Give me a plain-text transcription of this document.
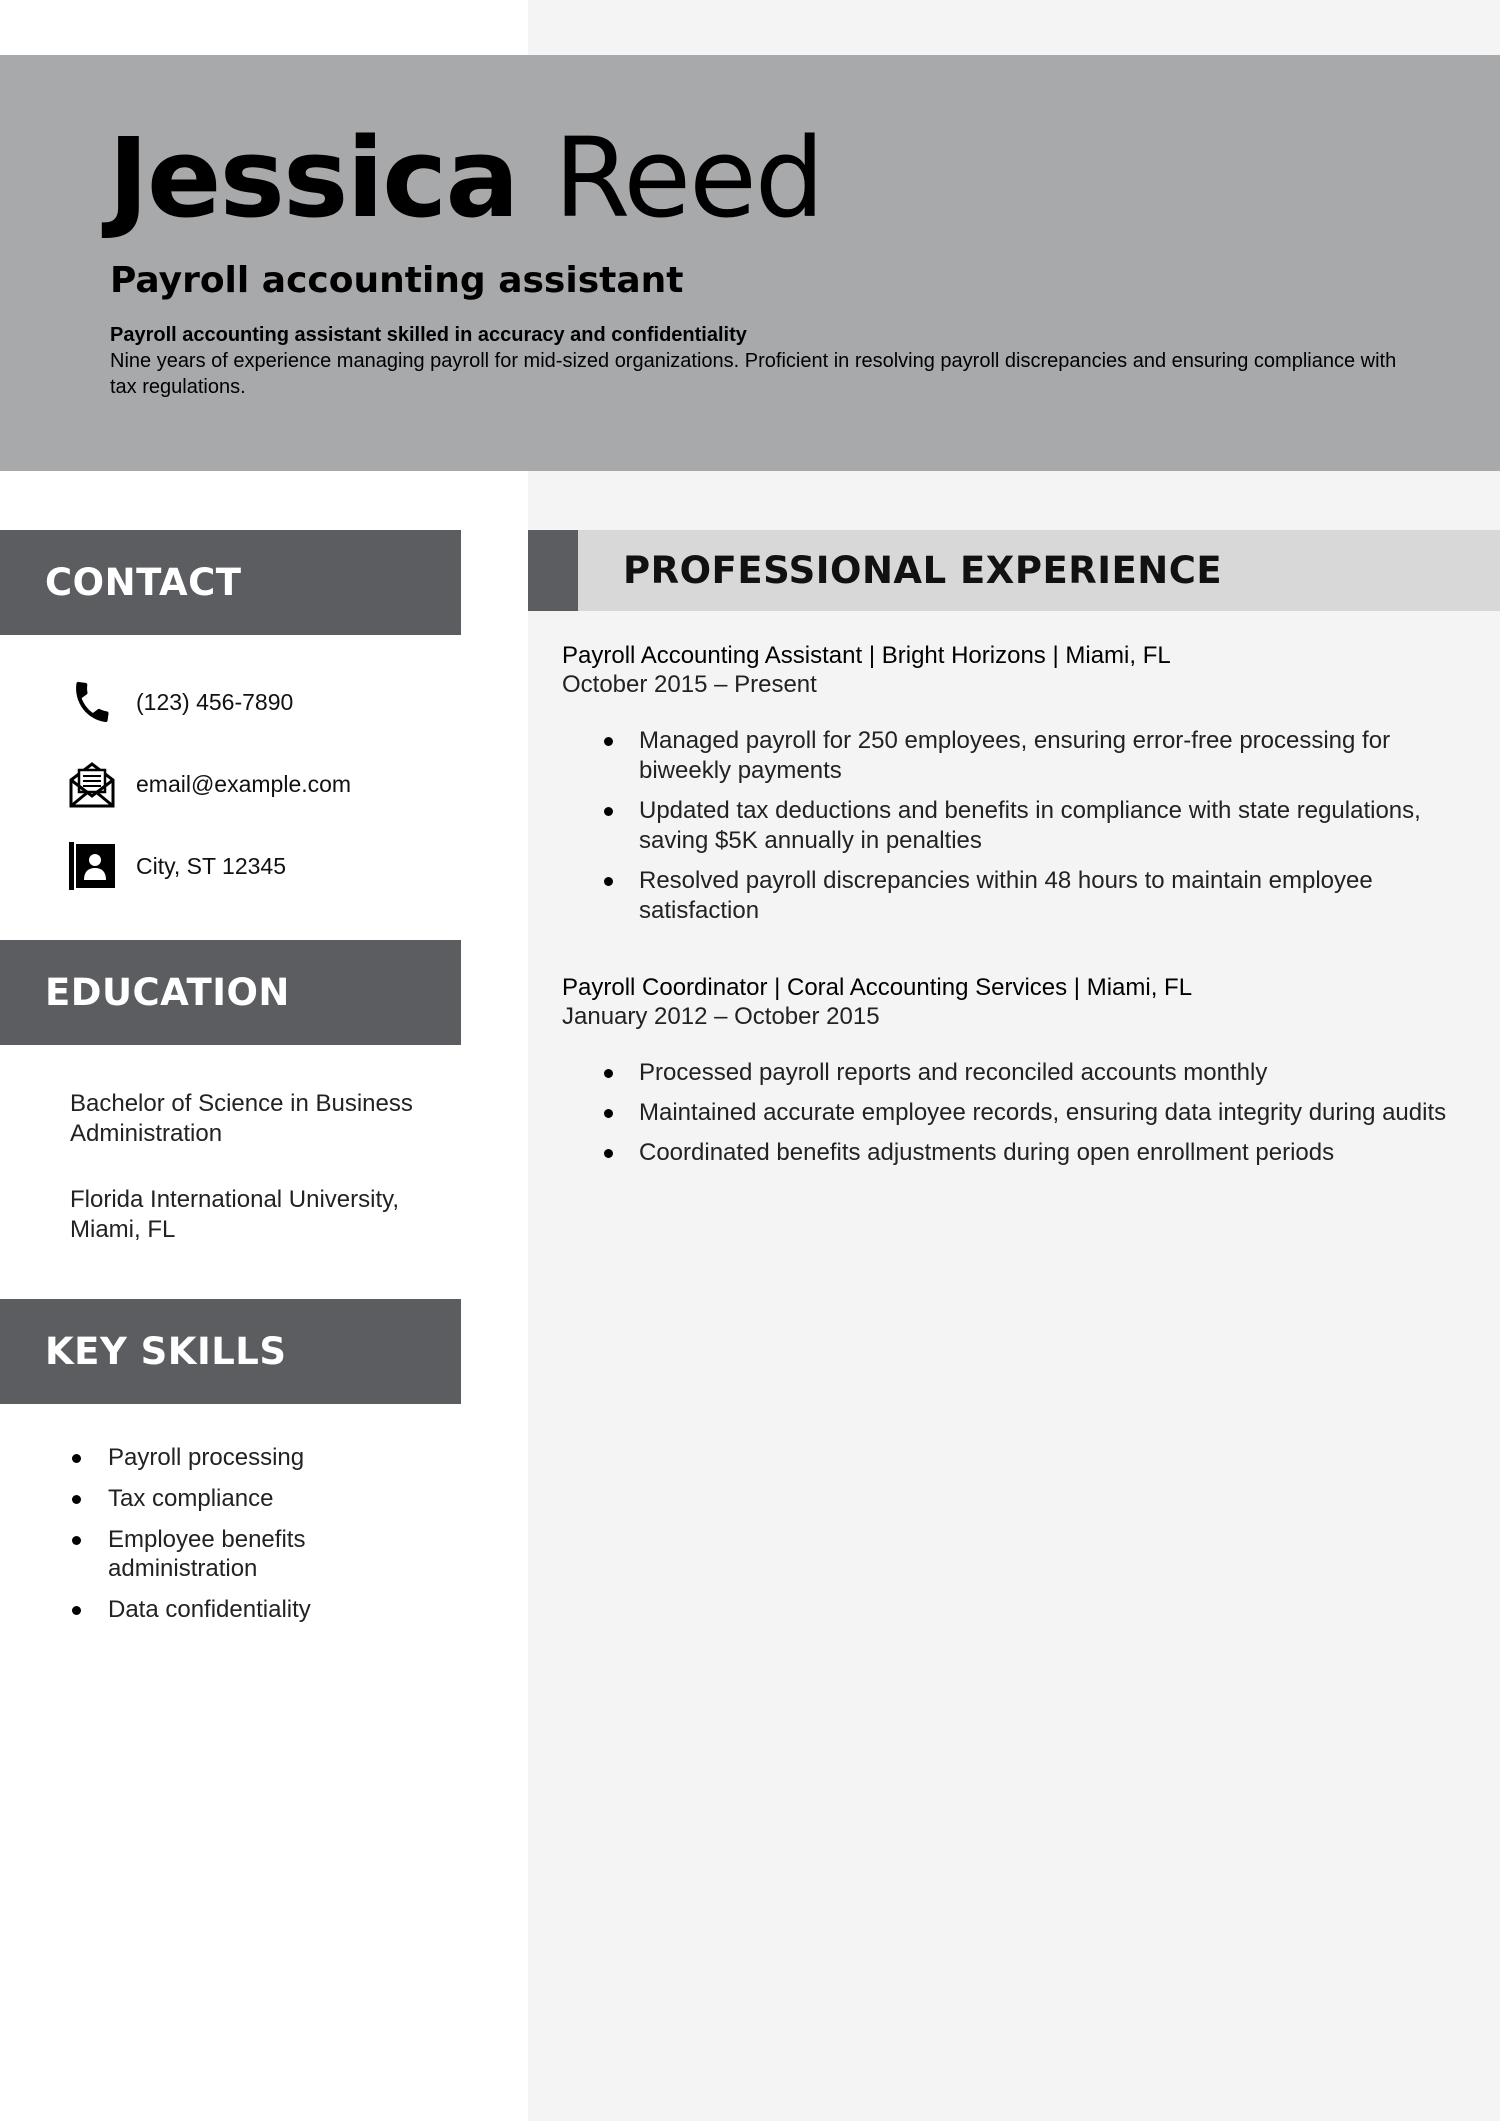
Jessica Reed
Payroll accounting assistant
Payroll accounting assistant skilled in accuracy and confidentiality
Nine years of experience managing payroll for mid-sized organizations. Proficient in resolving payroll discrepancies and ensuring compliance with tax regulations.
CONTACT
(123) 456-7890
email@example.com
City, ST 12345
EDUCATION
Bachelor of Science in Business Administration
Florida International University, Miami, FL
KEY SKILLS
Payroll processing
Tax compliance
Employee benefits administration
Data confidentiality
PROFESSIONAL EXPERIENCE
Payroll Accounting Assistant | Bright Horizons | Miami, FL
October 2015 – Present
Managed payroll for 250 employees, ensuring error-free processing for biweekly payments
Updated tax deductions and benefits in compliance with state regulations, saving $5K annually in penalties
Resolved payroll discrepancies within 48 hours to maintain employee satisfaction
Payroll Coordinator | Coral Accounting Services | Miami, FL
January 2012 – October 2015
Processed payroll reports and reconciled accounts monthly
Maintained accurate employee records, ensuring data integrity during audits
Coordinated benefits adjustments during open enrollment periods
